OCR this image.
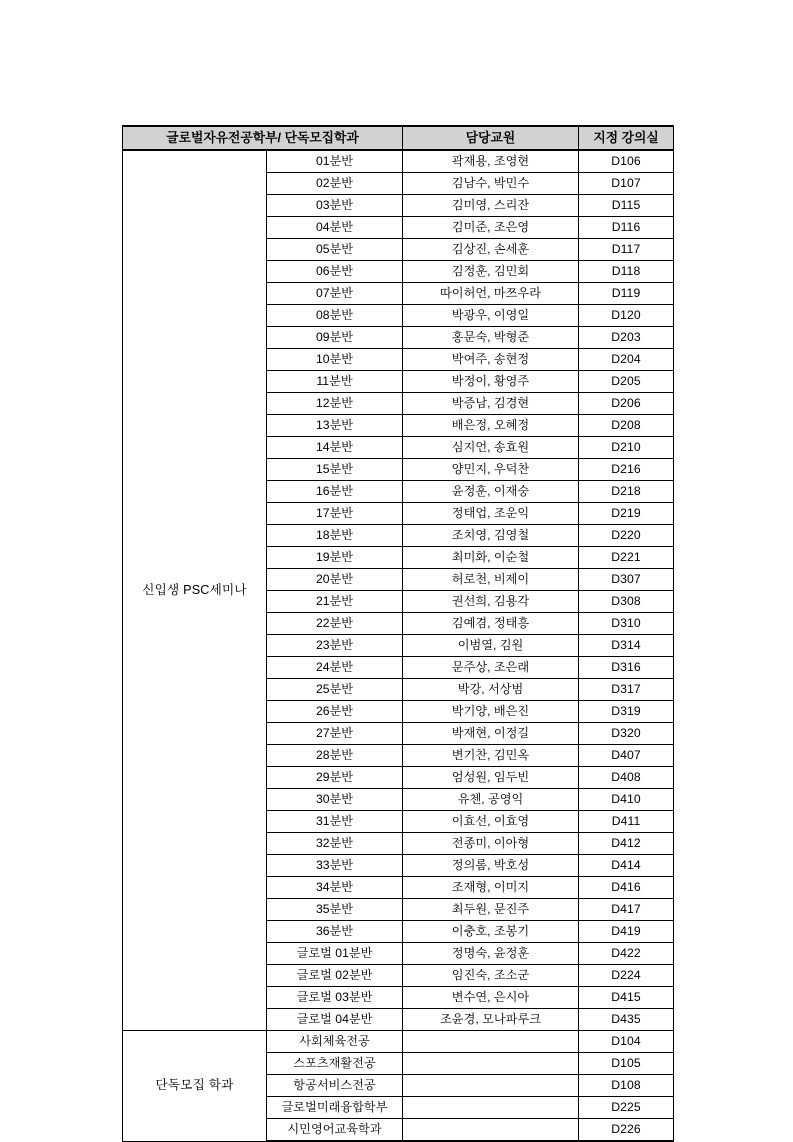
글로벌자유전공학부/ 단독모집학과		담당교원	지정 강의실
신입생 PSC세미나	01분반	곽재용, 조영현	D106
	02분반	김남수, 박민수	D107
	03분반	김미영, 스리잔	D115
	04분반	김미준, 조은영	D116
	05분반	김상진, 손세훈	D117
	06분반	김정훈, 김민회	D118
	07분반	따이허언, 마쯔우라	D119
	08분반	박광우, 이영일	D120
	09분반	홍문숙, 박형준	D203
	10분반	박여주, 송현정	D204
	11분반	박정이, 황영주	D205
	12분반	박증남, 김경현	D206
	13분반	배은정, 오혜정	D208
	14분반	심지언, 송효원	D210
	15분반	양민지, 우덕찬	D216
	16분반	윤정훈, 이재숭	D218
	17분반	정태업, 조운익	D219
	18분반	조치영, 김영철	D220
	19분반	최미화, 이순철	D221
	20분반	허로천, 비제이	D307
	21분반	권선희, 김용각	D308
	22분반	김예겸, 정태흥	D310
	23분반	이범열, 김원	D314
	24분반	문주상, 조은래	D316
	25분반	박강, 서상범	D317
	26분반	박기양, 배은진	D319
	27분반	박재현, 이정길	D320
	28분반	변기찬, 김민옥	D407
	29분반	엄성원, 임두빈	D408
	30분반	유첸, 공영익	D410
	31분반	이효선, 이효영	D411
	32분반	전종미, 이아형	D412
	33분반	정의롬, 박호성	D414
	34분반	조재형, 이미지	D416
	35분반	최두원, 문진주	D417
	36분반	이충호, 조봉기	D419
	글로벌 01분반	정명숙, 윤정훈	D422
	글로벌 02분반	임진숙, 조소군	D224
	글로벌 03분반	변수연, 은시아	D415
	글로벌 04분반	조윤경, 모나파루크	D435
단독모집 학과	사회체육전공		D104
	스포츠재활전공		D105
	항공서비스전공		D108
	글로벌미래융합학부		D225
	시민영어교육학과		D226
